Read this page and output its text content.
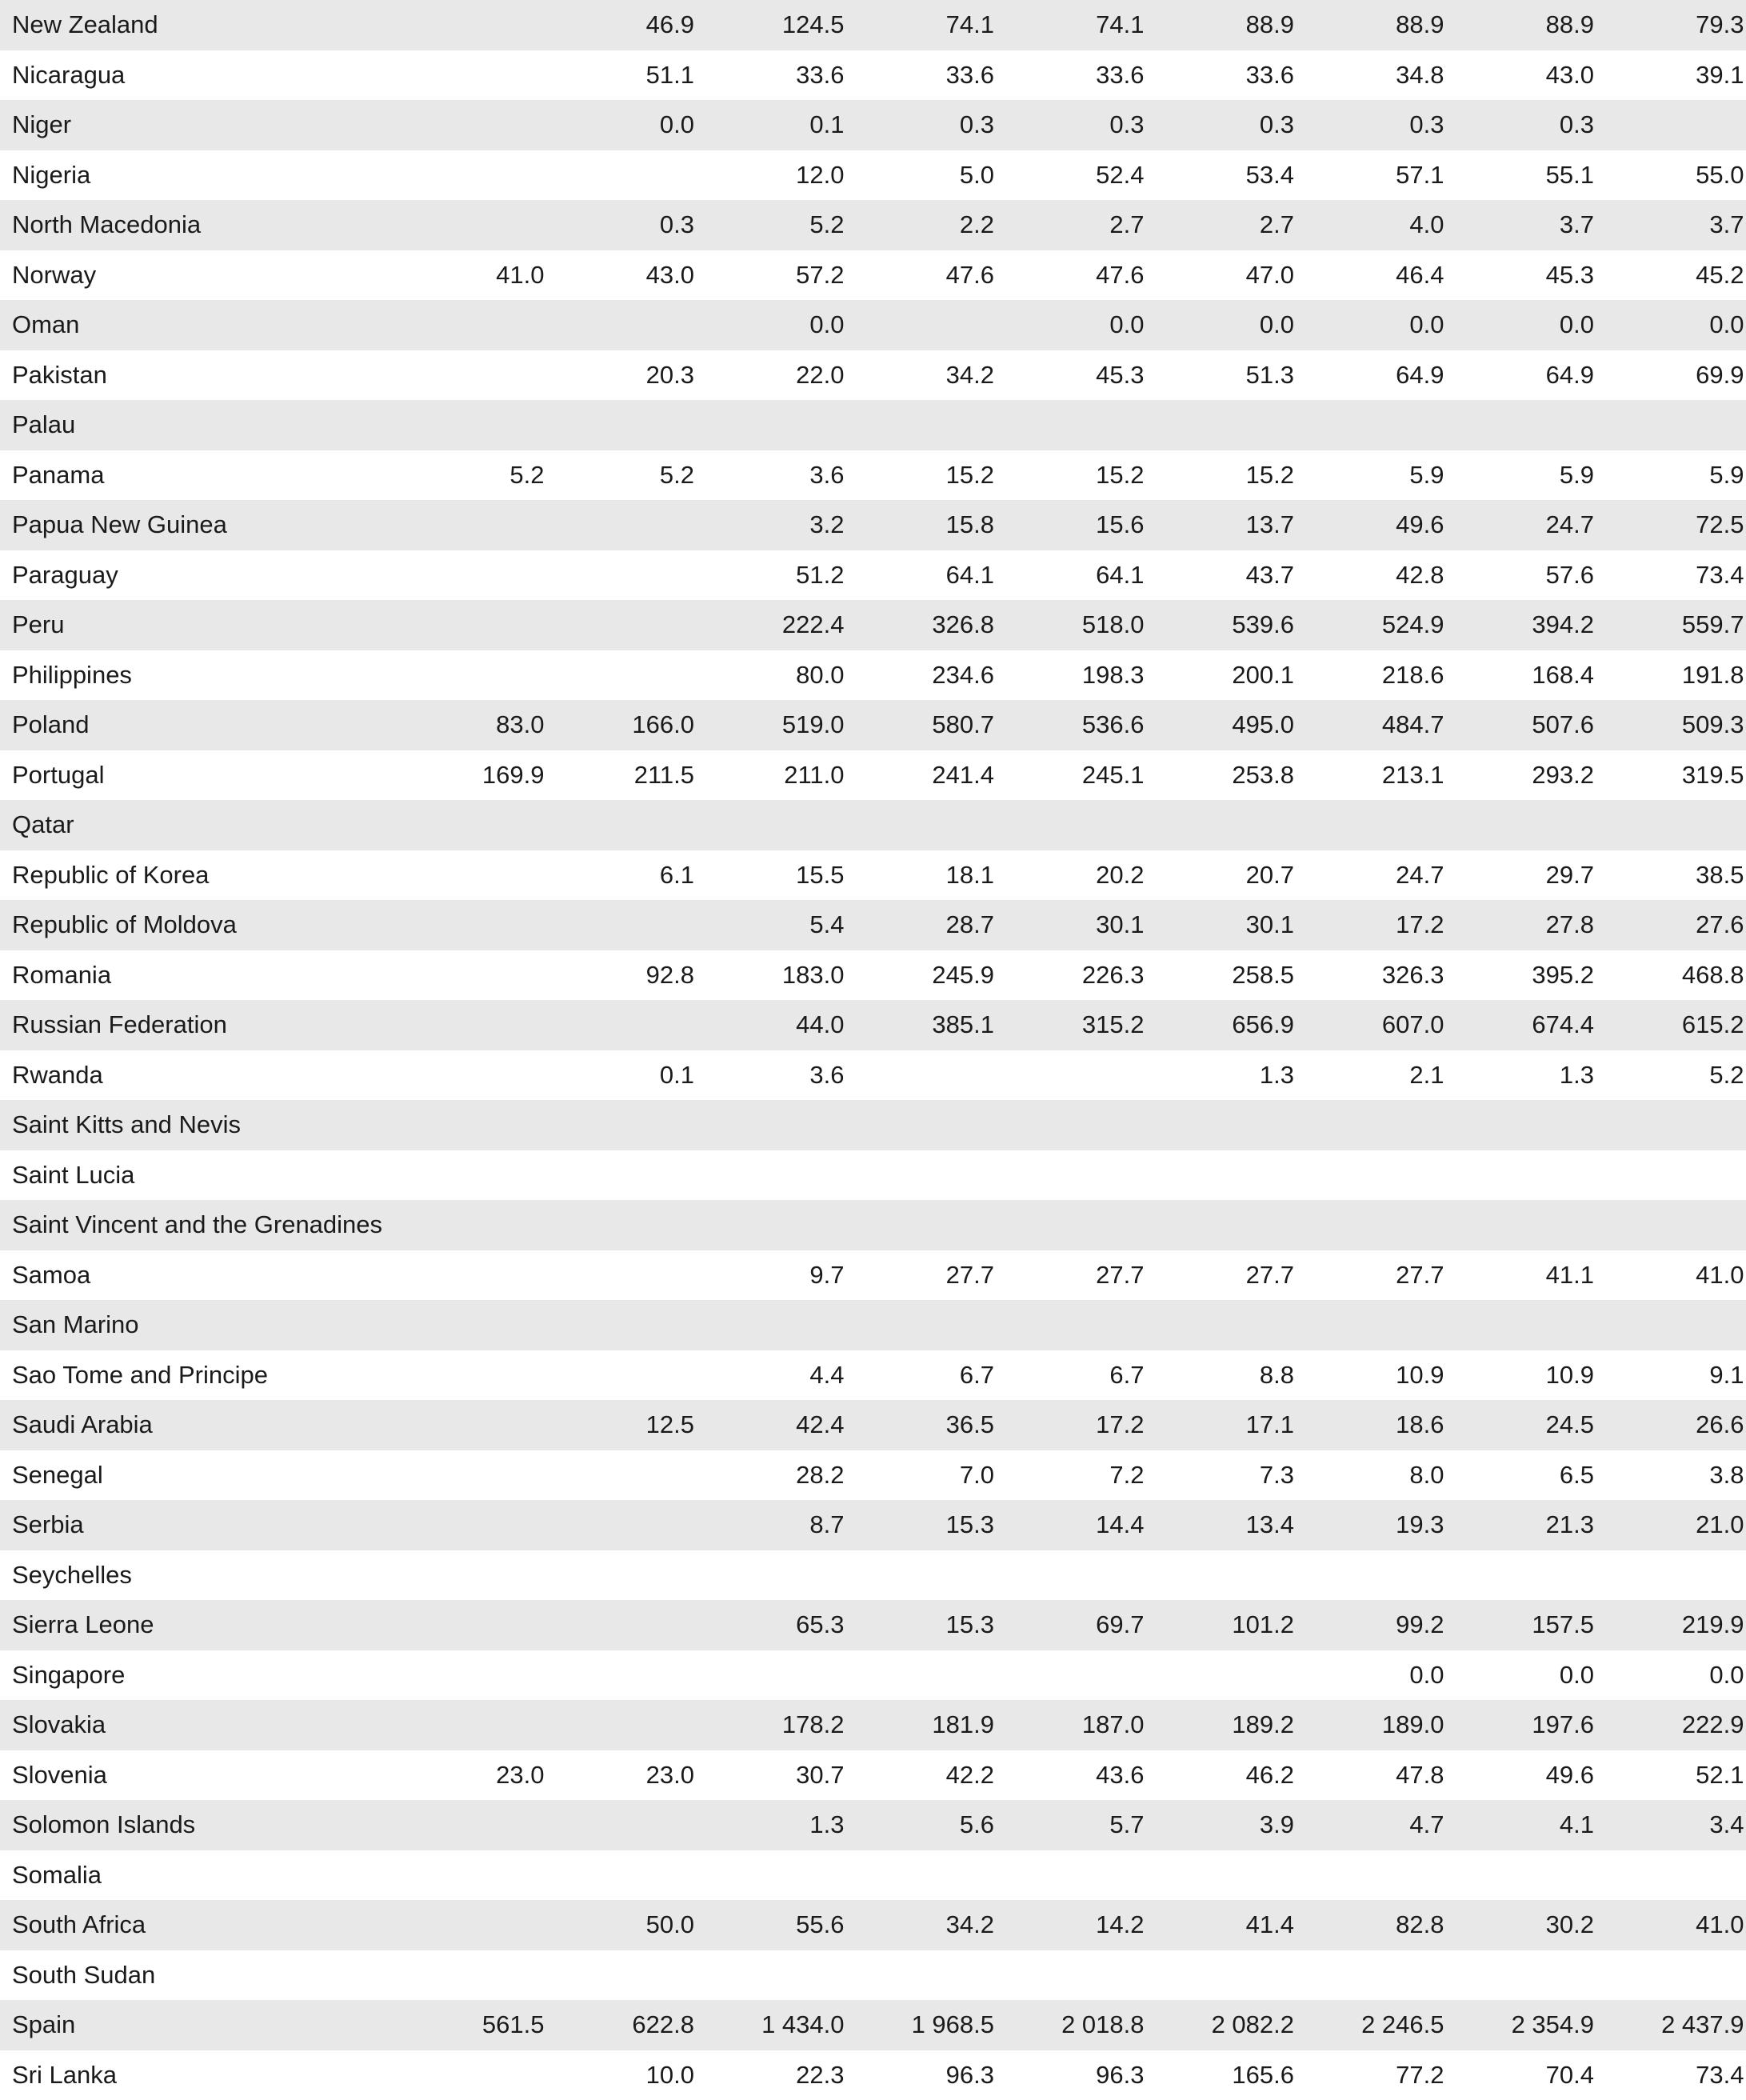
New Zealand		46.9	124.5	74.1	74.1	88.9	88.9	88.9	79.3
Nicaragua		51.1	33.6	33.6	33.6	33.6	34.8	43.0	39.1
Niger		0.0	0.1	0.3	0.3	0.3	0.3	0.3	
Nigeria			12.0	5.0	52.4	53.4	57.1	55.1	55.0
North Macedonia		0.3	5.2	2.2	2.7	2.7	4.0	3.7	3.7
Norway	41.0	43.0	57.2	47.6	47.6	47.0	46.4	45.3	45.2
Oman			0.0		0.0	0.0	0.0	0.0	0.0
Pakistan		20.3	22.0	34.2	45.3	51.3	64.9	64.9	69.9
Palau									
Panama	5.2	5.2	3.6	15.2	15.2	15.2	5.9	5.9	5.9
Papua New Guinea			3.2	15.8	15.6	13.7	49.6	24.7	72.5
Paraguay			51.2	64.1	64.1	43.7	42.8	57.6	73.4
Peru			222.4	326.8	518.0	539.6	524.9	394.2	559.7
Philippines			80.0	234.6	198.3	200.1	218.6	168.4	191.8
Poland	83.0	166.0	519.0	580.7	536.6	495.0	484.7	507.6	509.3
Portugal	169.9	211.5	211.0	241.4	245.1	253.8	213.1	293.2	319.5
Qatar									
Republic of Korea		6.1	15.5	18.1	20.2	20.7	24.7	29.7	38.5
Republic of Moldova			5.4	28.7	30.1	30.1	17.2	27.8	27.6
Romania		92.8	183.0	245.9	226.3	258.5	326.3	395.2	468.8
Russian Federation			44.0	385.1	315.2	656.9	607.0	674.4	615.2
Rwanda		0.1	3.6			1.3	2.1	1.3	5.2
Saint Kitts and Nevis									
Saint Lucia									
Saint Vincent and the Grenadines									
Samoa			9.7	27.7	27.7	27.7	27.7	41.1	41.0
San Marino									
Sao Tome and Principe			4.4	6.7	6.7	8.8	10.9	10.9	9.1
Saudi Arabia		12.5	42.4	36.5	17.2	17.1	18.6	24.5	26.6
Senegal			28.2	7.0	7.2	7.3	8.0	6.5	3.8
Serbia			8.7	15.3	14.4	13.4	19.3	21.3	21.0
Seychelles									
Sierra Leone			65.3	15.3	69.7	101.2	99.2	157.5	219.9
Singapore							0.0	0.0	0.0
Slovakia			178.2	181.9	187.0	189.2	189.0	197.6	222.9
Slovenia	23.0	23.0	30.7	42.2	43.6	46.2	47.8	49.6	52.1
Solomon Islands			1.3	5.6	5.7	3.9	4.7	4.1	3.4
Somalia									
South Africa		50.0	55.6	34.2	14.2	41.4	82.8	30.2	41.0
South Sudan									
Spain	561.5	622.8	1 434.0	1 968.5	2 018.8	2 082.2	2 246.5	2 354.9	2 437.9
Sri Lanka		10.0	22.3	96.3	96.3	165.6	77.2	70.4	73.4
